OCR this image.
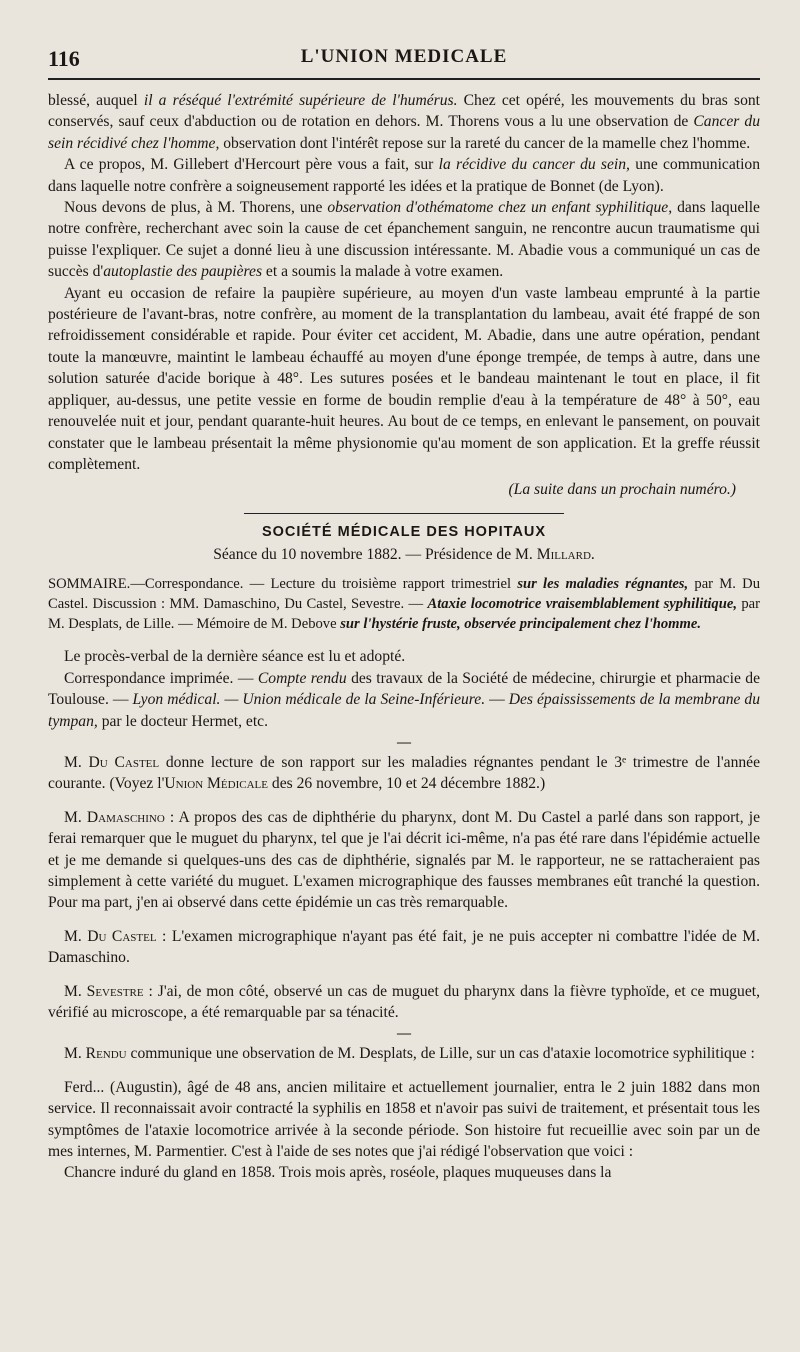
116	L'UNION MEDICALE

blessé, auquel il a réséqué l'extrémité supérieure de l'humérus. Chez cet opéré, les mouvements du bras sont conservés, sauf ceux d'abduction ou de rotation en dehors. M. Thorens vous a lu une observation de Cancer du sein récidivé chez l'homme, observation dont l'intérêt repose sur la rareté du cancer de la mamelle chez l'homme.

A ce propos, M. Gillebert d'Hercourt père vous a fait, sur la récidive du cancer du sein, une communication dans laquelle notre confrère a soigneusement rapporté les idées et la pratique de Bonnet (de Lyon).

Nous devons de plus, à M. Thorens, une observation d'othématome chez un enfant syphilitique, dans laquelle notre confrère, recherchant avec soin la cause de cet épanchement sanguin, ne rencontre aucun traumatisme qui puisse l'expliquer. Ce sujet a donné lieu à une discussion intéressante. M. Abadie vous a communiqué un cas de succès d'autoplastie des paupières et a soumis la malade à votre examen.

Ayant eu occasion de refaire la paupière supérieure, au moyen d'un vaste lambeau emprunté à la partie postérieure de l'avant-bras, notre confrère, au moment de la transplantation du lambeau, avait été frappé de son refroidissement considérable et rapide. Pour éviter cet accident, M. Abadie, dans une autre opération, pendant toute la manœuvre, maintint le lambeau échauffé au moyen d'une éponge trempée, de temps à autre, dans une solution saturée d'acide borique à 48°. Les sutures posées et le bandeau maintenant le tout en place, il fit appliquer, au-dessus, une petite vessie en forme de boudin remplie d'eau à la température de 48° à 50°, eau renouvelée nuit et jour, pendant quarante-huit heures. Au bout de ce temps, en enlevant le pansement, on pouvait constater que le lambeau présentait la même physionomie qu'au moment de son application. Et la greffe réussit complètement.

(La suite dans un prochain numéro.)
SOCIÉTÉ MÉDICALE DES HOPITAUX
Séance du 10 novembre 1882. — Présidence de M. Millard.

SOMMAIRE.—Correspondance. — Lecture du troisième rapport trimestriel sur les maladies régnantes, par M. Du Castel. Discussion : MM. Damaschino, Du Castel, Sevestre. — Ataxie locomotrice vraisemblablement syphilitique, par M. Desplats, de Lille. — Mémoire de M. Debove sur l'hystérie fruste, observée principalement chez l'homme.

Le procès-verbal de la dernière séance est lu et adopté.

Correspondance imprimée. — Compte rendu des travaux de la Société de médecine, chirurgie et pharmacie de Toulouse. — Lyon médical. — Union médicale de la Seine-Inférieure. — Des épaississements de la membrane du tympan, par le docteur Hermet, etc.

—

M. Du Castel donne lecture de son rapport sur les maladies régnantes pendant le 3ᵉ trimestre de l'année courante. (Voyez l'Union Médicale des 26 novembre, 10 et 24 décembre 1882.)

M. Damaschino : A propos des cas de diphthérie du pharynx, dont M. Du Castel a parlé dans son rapport, je ferai remarquer que le muguet du pharynx, tel que je l'ai décrit ici-même, n'a pas été rare dans l'épidémie actuelle et je me demande si quelques-uns des cas de diphthérie, signalés par M. le rapporteur, ne se rattacheraient pas simplement à cette variété du muguet. L'examen micrographique des fausses membranes eût tranché la question. Pour ma part, j'en ai observé dans cette épidémie un cas très remarquable.

M. Du Castel : L'examen micrographique n'ayant pas été fait, je ne puis accepter ni combattre l'idée de M. Damaschino.

M. Sevestre : J'ai, de mon côté, observé un cas de muguet du pharynx dans la fièvre typhoïde, et ce muguet, vérifié au microscope, a été remarquable par sa ténacité.

—

M. Rendu communique une observation de M. Desplats, de Lille, sur un cas d'ataxie locomotrice syphilitique :

Ferd... (Augustin), âgé de 48 ans, ancien militaire et actuellement journalier, entra le 2 juin 1882 dans mon service. Il reconnaissait avoir contracté la syphilis en 1858 et n'avoir pas suivi de traitement, et présentait tous les symptômes de l'ataxie locomotrice arrivée à la seconde période. Son histoire fut recueillie avec soin par un de mes internes, M. Parmentier. C'est à l'aide de ses notes que j'ai rédigé l'observation que voici :

Chancre induré du gland en 1858. Trois mois après, roséole, plaques muqueuses dans la
